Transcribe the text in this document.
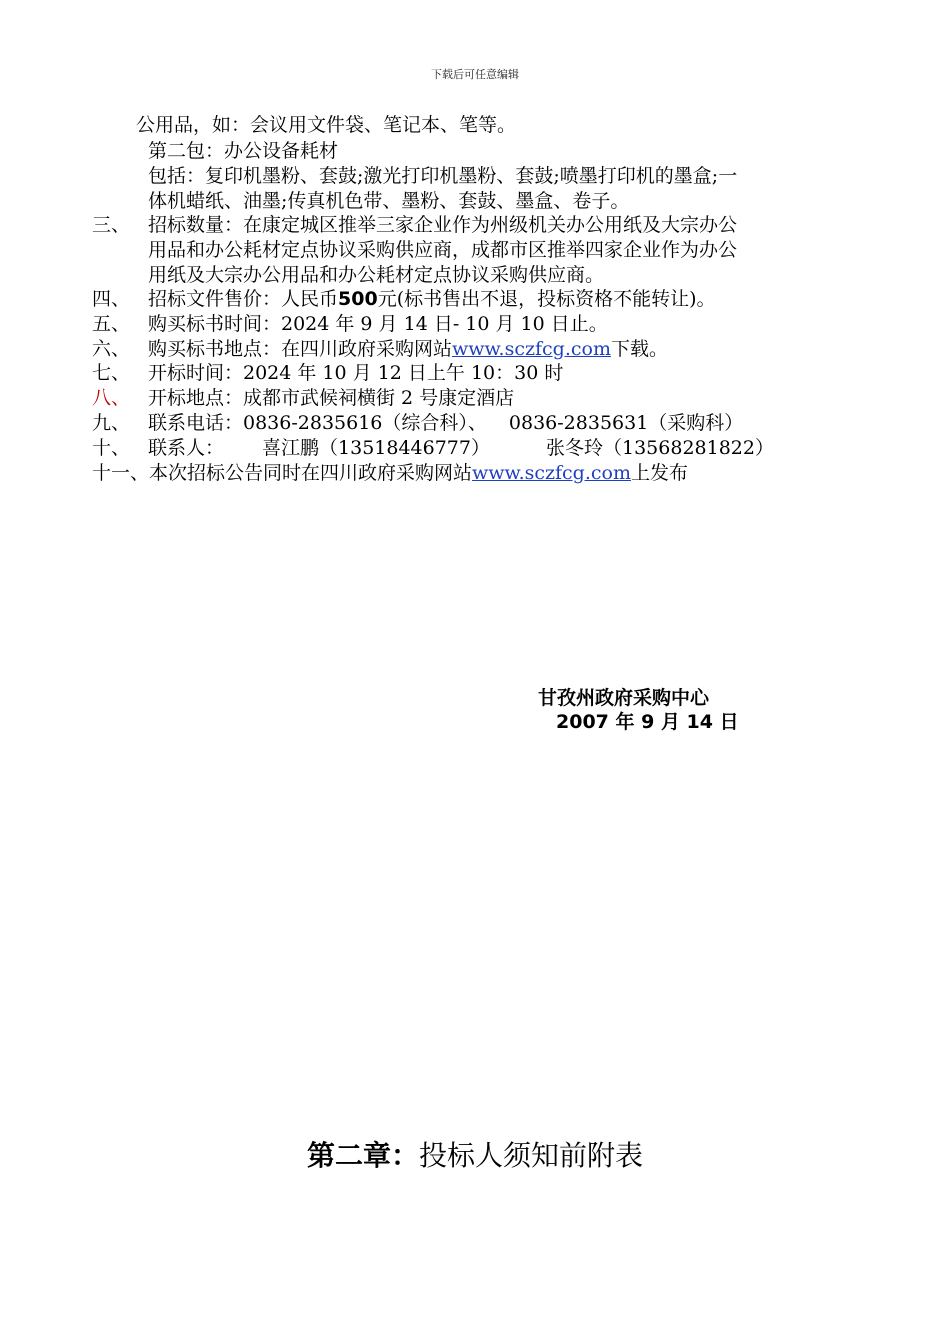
下载后可任意编辑
公用品，如：会议用文件袋、笔记本、笔等。
第二包：办公设备耗材
包括：复印机墨粉、套鼓;激光打印机墨粉、套鼓;喷墨打印机的墨盒;一
体机蜡纸、油墨;传真机色带、墨粉、套鼓、墨盒、卷子。
三、 招标数量：在康定城区推举三家企业作为州级机关办公用纸及大宗办公
用品和办公耗材定点协议采购供应商，成都市区推举四家企业作为办公
用纸及大宗办公用品和办公耗材定点协议采购供应商。
四、 招标文件售价：人民币500元(标书售出不退，投标资格不能转让)。
五、 购买标书时间：2024 年 9 月 14 日- 10 月 10 日止。
六、 购买标书地点：在四川政府采购网站www.sczfcg.com下载。
七、 开标时间：2024 年 10 月 12 日上午 10：30 时
八、 开标地点：成都市武候祠横街 2 号康定酒店
九、 联系电话：0836-2835616（综合科）、 0836-2835631（采购科）
十、 联系人： 喜江鹏（13518446777）	张冬玲（13568281822）
十一、本次招标公告同时在四川政府采购网站www.sczfcg.com上发布
甘孜州政府采购中心
2007 年 9 月 14 日
第二章：投标人须知前附表
